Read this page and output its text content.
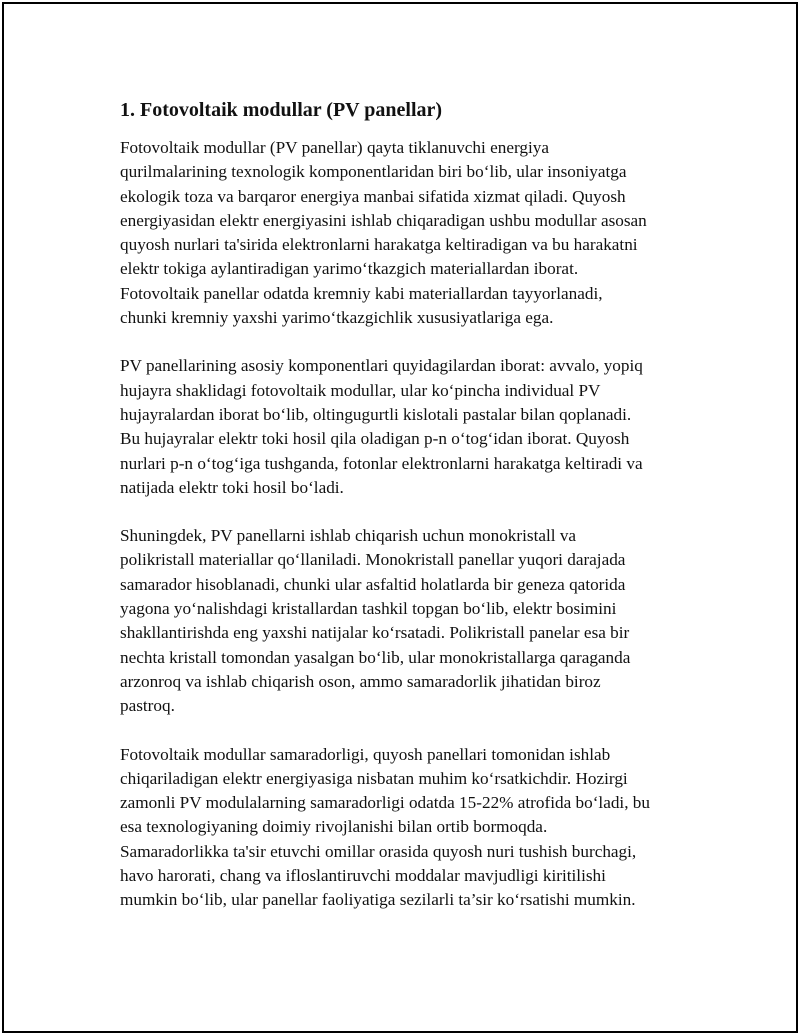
1. Fotovoltaik modullar (PV panellar)

Fotovoltaik modullar (PV panellar) qayta tiklanuvchi energiya
qurilmalarining texnologik komponentlaridan biri bo‘lib, ular insoniyatga
ekologik toza va barqaror energiya manbai sifatida xizmat qiladi. Quyosh
energiyasidan elektr energiyasini ishlab chiqaradigan ushbu modullar asosan
quyosh nurlari ta'sirida elektronlarni harakatga keltiradigan va bu harakatni
elektr tokiga aylantiradigan yarimo‘tkazgich materiallardan iborat.
Fotovoltaik panellar odatda kremniy kabi materiallardan tayyorlanadi,
chunki kremniy yaxshi yarimo‘tkazgichlik xususiyatlariga ega.

PV panellarining asosiy komponentlari quyidagilardan iborat: avvalo, yopiq
hujayra shaklidagi fotovoltaik modullar, ular ko‘pincha individual PV
hujayralardan iborat bo‘lib, oltingugurtli kislotali pastalar bilan qoplanadi.
Bu hujayralar elektr toki hosil qila oladigan p-n o‘tog‘idan iborat. Quyosh
nurlari p-n o‘tog‘iga tushganda, fotonlar elektronlarni harakatga keltiradi va
natijada elektr toki hosil bo‘ladi.

Shuningdek, PV panellarni ishlab chiqarish uchun monokristall va
polikristall materiallar qo‘llaniladi. Monokristall panellar yuqori darajada
samarador hisoblanadi, chunki ular asfaltid holatlarda bir geneza qatorida
yagona yo‘nalishdagi kristallardan tashkil topgan bo‘lib, elektr bosimini
shakllantirishda eng yaxshi natijalar ko‘rsatadi. Polikristall panelar esa bir
nechta kristall tomondan yasalgan bo‘lib, ular monokristallarga qaraganda
arzonroq va ishlab chiqarish oson, ammo samaradorlik jihatidan biroz
pastroq.

Fotovoltaik modullar samaradorligi, quyosh panellari tomonidan ishlab
chiqariladigan elektr energiyasiga nisbatan muhim ko‘rsatkichdir. Hozirgi
zamonli PV modulalarning samaradorligi odatda 15-22% atrofida bo‘ladi, bu
esa texnologiyaning doimiy rivojlanishi bilan ortib bormoqda.
Samaradorlikka ta'sir etuvchi omillar orasida quyosh nuri tushish burchagi,
havo harorati, chang va ifloslantiruvchi moddalar mavjudligi kiritilishi
mumkin bo‘lib, ular panellar faoliyatiga sezilarli ta’sir ko‘rsatishi mumkin.
